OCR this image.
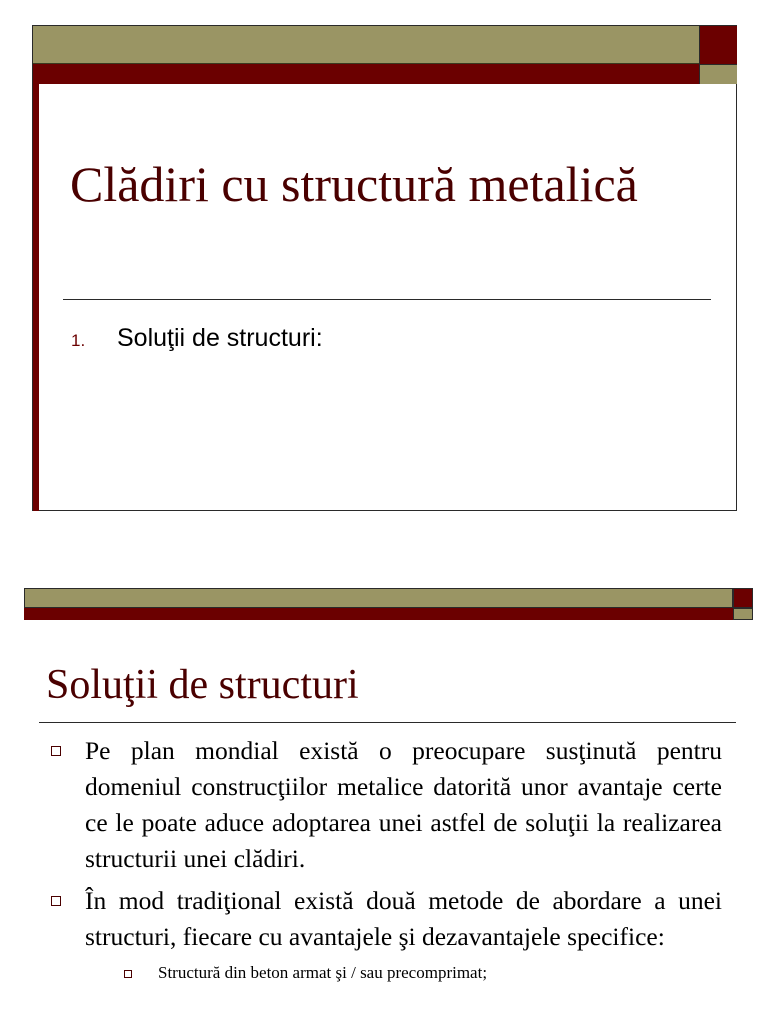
Clădiri cu structură metalică
1. Soluţii de structuri:
Soluţii de structuri
Pe plan mondial există o preocupare susţinută pentru domeniul construcţiilor metalice datorită unor avantaje certe ce le poate aduce adoptarea unei astfel de soluţii la realizarea structurii unei clădiri.
În mod tradiţional există două metode de abordare a unei structuri, fiecare cu avantajele şi dezavantajele specifice:
Structură din beton armat şi / sau precomprimat;
